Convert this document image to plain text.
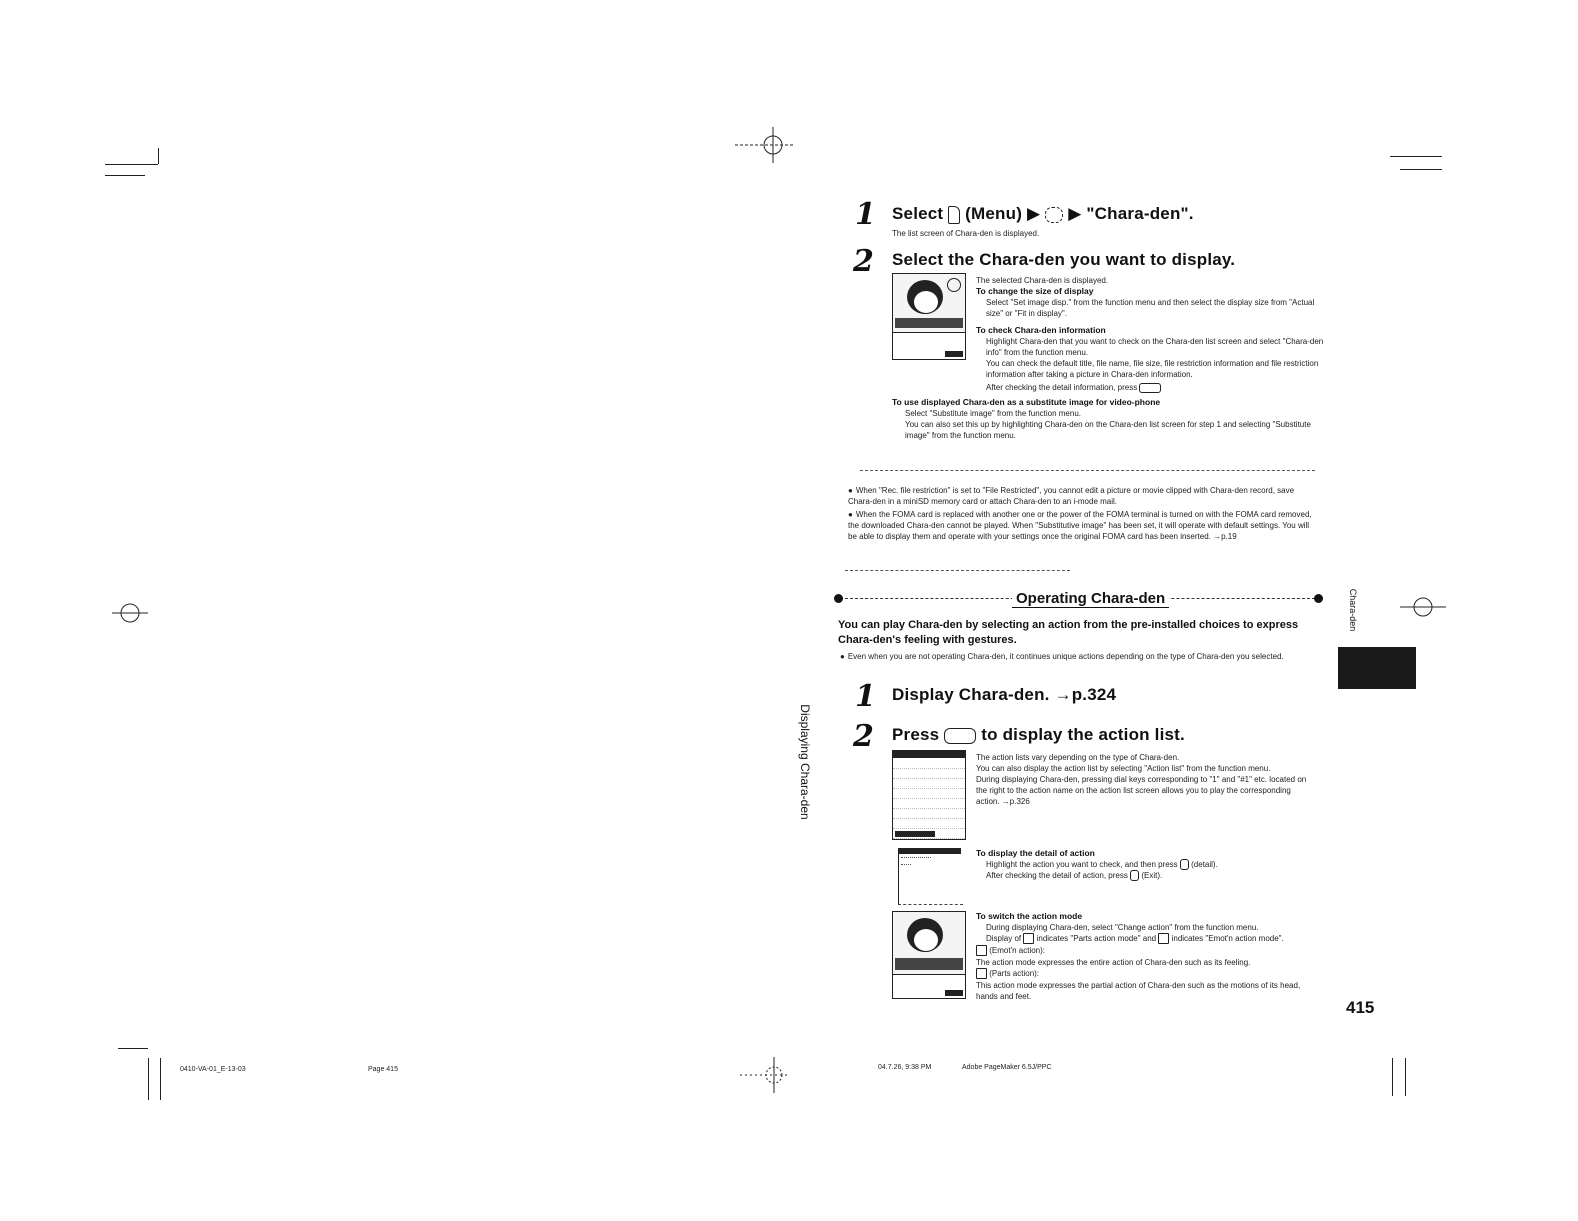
Displaying Chara-den
Chara-den
1 Select (Menu) ▶ ▶ "Chara-den".
The list screen of Chara-den is displayed.
2 Select the Chara-den you want to display.
The selected Chara-den is displayed.
To change the size of display
Select "Set image disp." from the function menu and then select the display size from "Actual size" or "Fit in display".
To check Chara-den information
Highlight Chara-den that you want to check on the Chara-den list screen and select "Chara-den info" from the function menu.
You can check the default title, file name, file size, file restriction information and file restriction information after taking a picture in Chara-den information.
After checking the detail information, press
To use displayed Chara-den as a substitute image for video-phone
Select "Substitute image" from the function menu.
You can also set this up by highlighting Chara-den on the Chara-den list screen for step 1 and selecting "Substitute image" from the function menu.
● When "Rec. file restriction" is set to "File Restricted", you cannot edit a picture or movie clipped with Chara-den record, save Chara-den in a miniSD memory card or attach Chara-den to an i-mode mail.
● When the FOMA card is replaced with another one or the power of the FOMA terminal is turned on with the FOMA card removed, the downloaded Chara-den cannot be played. When "Substitutive image" has been set, it will operate with default settings. You will be able to display them and operate with your settings once the original FOMA card has been inserted. →p.19
Operating Chara-den
You can play Chara-den by selecting an action from the pre-installed choices to express Chara-den's feeling with gestures.
● Even when you are not operating Chara-den, it continues unique actions depending on the type of Chara-den you selected.
1 Display Chara-den. →p.324
2 Press to display the action list.
The action lists vary depending on the type of Chara-den.
You can also display the action list by selecting "Action list" from the function menu.
During displaying Chara-den, pressing dial keys corresponding to "1" and "#1" etc. located on the right to the action name on the action list screen allows you to play the corresponding action. →p.326
To display the detail of action
Highlight the action you want to check, and then press (detail).
After checking the detail of action, press (Exit).
To switch the action mode
During displaying Chara-den, select "Change action" from the function menu.
Display of indicates "Parts action mode" and indicates "Emot'n action mode".
(Emot'n action):
The action mode expresses the entire action of Chara-den such as its feeling.
(Parts action):
This action mode expresses the partial action of Chara-den such as the motions of its head, hands and feet.
415
0410-VA-01_E-13-03	Page 415	04.7.26, 9:38 PM	Adobe PageMaker 6.5J/PPC
